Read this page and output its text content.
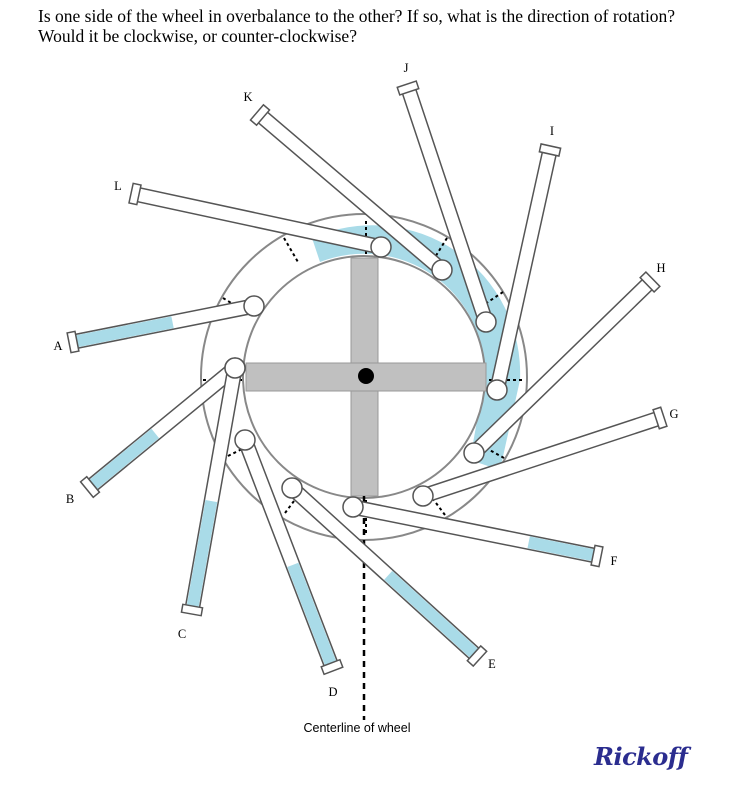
Is one side of the wheel in overbalance to the other? If so, what is the direction of rotation? Would it be clockwise, or counter-clockwise?
A
B
C
D
E
F
G
H
I
J
K
L
Centerline of wheel
Rickoff
